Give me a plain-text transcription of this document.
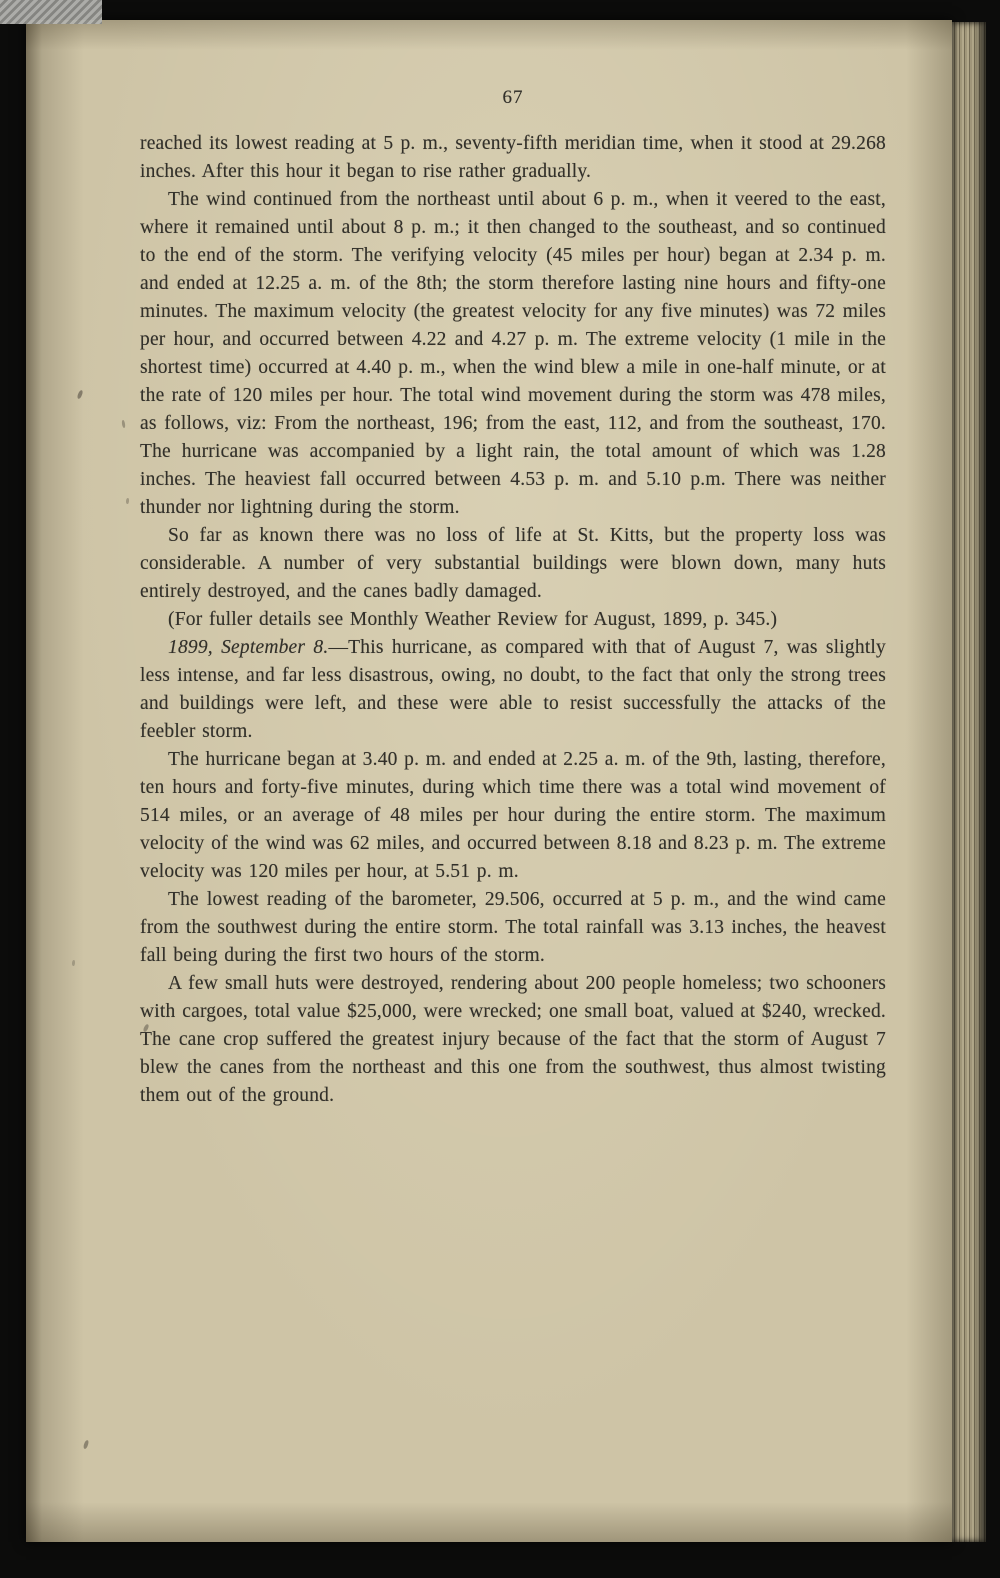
67

reached its lowest reading at 5 p. m., seventy-fifth meridian time, when it stood at 29.268 inches. After this hour it began to rise rather gradually.

The wind continued from the northeast until about 6 p. m., when it veered to the east, where it remained until about 8 p. m.; it then changed to the southeast, and so continued to the end of the storm. The verifying velocity (45 miles per hour) began at 2.34 p. m. and ended at 12.25 a. m. of the 8th; the storm therefore lasting nine hours and fifty-one minutes. The maximum velocity (the greatest velocity for any five minutes) was 72 miles per hour, and occurred between 4.22 and 4.27 p. m. The extreme velocity (1 mile in the shortest time) occurred at 4.40 p. m., when the wind blew a mile in one-half minute, or at the rate of 120 miles per hour. The total wind movement during the storm was 478 miles, as follows, viz: From the northeast, 196; from the east, 112, and from the southeast, 170. The hurricane was accompanied by a light rain, the total amount of which was 1.28 inches. The heaviest fall occurred between 4.53 p. m. and 5.10 p.m. There was neither thunder nor lightning during the storm.

So far as known there was no loss of life at St. Kitts, but the property loss was considerable. A number of very substantial buildings were blown down, many huts entirely destroyed, and the canes badly damaged.

(For fuller details see Monthly Weather Review for August, 1899, p. 345.)

1899, September 8.—This hurricane, as compared with that of August 7, was slightly less intense, and far less disastrous, owing, no doubt, to the fact that only the strong trees and buildings were left, and these were able to resist successfully the attacks of the feebler storm.

The hurricane began at 3.40 p. m. and ended at 2.25 a. m. of the 9th, lasting, therefore, ten hours and forty-five minutes, during which time there was a total wind movement of 514 miles, or an average of 48 miles per hour during the entire storm. The maximum velocity of the wind was 62 miles, and occurred between 8.18 and 8.23 p. m. The extreme velocity was 120 miles per hour, at 5.51 p. m.

The lowest reading of the barometer, 29.506, occurred at 5 p. m., and the wind came from the southwest during the entire storm. The total rainfall was 3.13 inches, the heavest fall being during the first two hours of the storm.

A few small huts were destroyed, rendering about 200 people homeless; two schooners with cargoes, total value $25,000, were wrecked; one small boat, valued at $240, wrecked. The cane crop suffered the greatest injury because of the fact that the storm of August 7 blew the canes from the northeast and this one from the southwest, thus almost twisting them out of the ground.
